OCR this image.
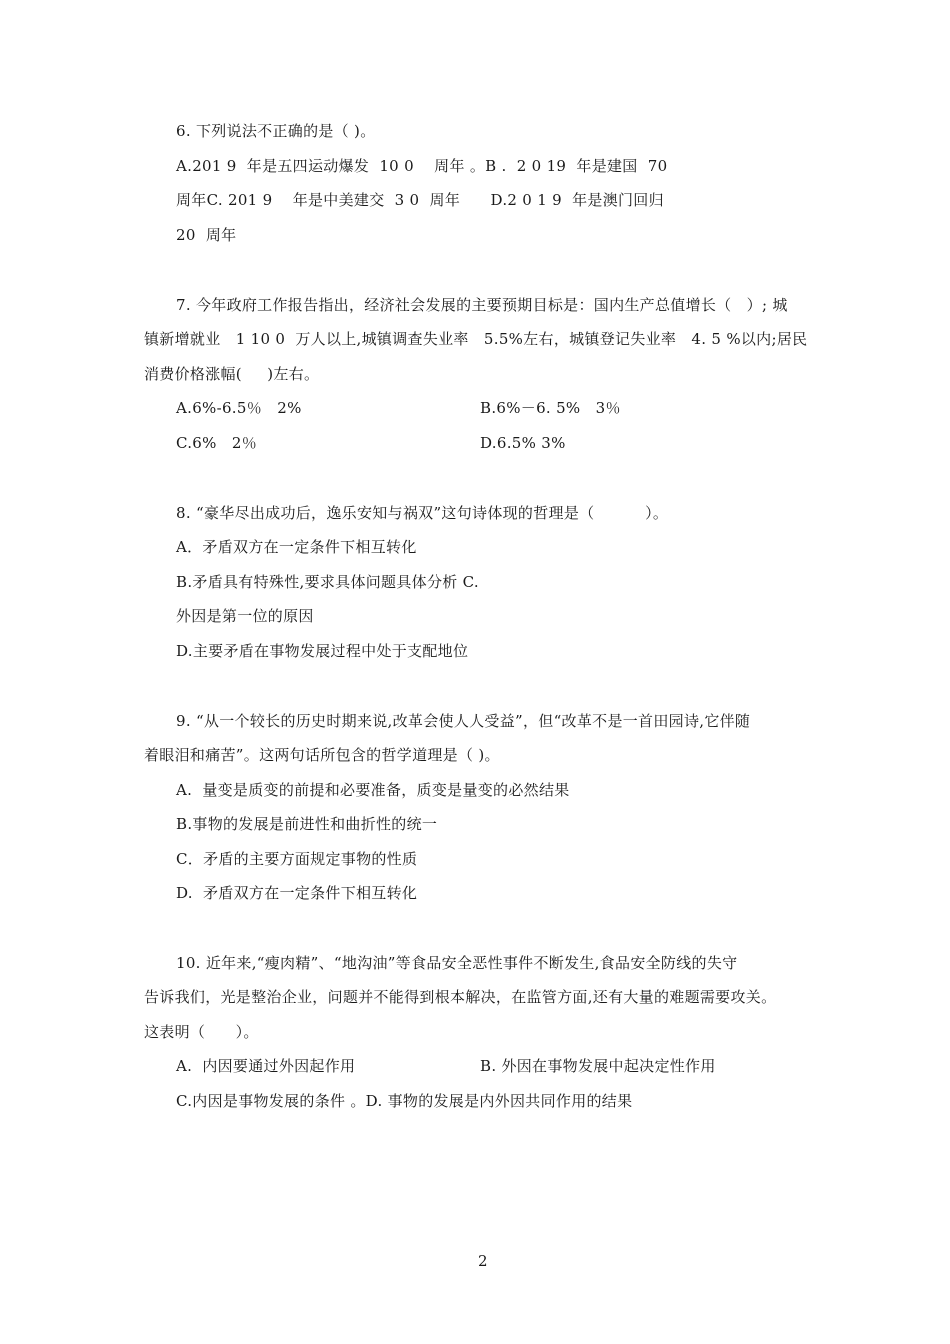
6. 下列说法不正确的是（ )。
A.201 9  年是五四运动爆发  10 0    周年 。B .  2 0 19  年是建国  70
周年C. 201 9    年是中美建交  3 0  周年      D.2 0 1 9  年是澳门回归
20  周年
7. 今年政府工作报告指出，经济社会发展的主要预期目标是：国内生产总值增长（   ）; 城
镇新增就业   1 10 0  万人以上,城镇调查失业率   5.5%左右，城镇登记失业率   4. 5 %以内;居民
消费价格涨幅(     )左右。
A.6%-6.5％   2%	B.6%－6. 5%   3％
C.6%   2％	D.6.5% 3%
8. “豪华尽出成功后，逸乐安知与祸双”这句诗体现的哲理是（          ）。
A．矛盾双方在一定条件下相互转化
B.矛盾具有特殊性,要求具体问题具体分析 C.
外因是第一位的原因
D.主要矛盾在事物发展过程中处于支配地位
9. “从一个较长的历史时期来说,改革会使人人受益”，但“改革不是一首田园诗,它伴随
着眼泪和痛苦”。这两句话所包含的哲学道理是（ )。
A.  量变是质变的前提和必要准备，质变是量变的必然结果
B.事物的发展是前进性和曲折性的统一
C．矛盾的主要方面规定事物的性质
D.  矛盾双方在一定条件下相互转化
10. 近年来,“瘦肉精”、“地沟油”等食品安全恶性事件不断发生,食品安全防线的失守
告诉我们，光是整治企业，问题并不能得到根本解决，在监管方面,还有大量的难题需要攻关。
这表明（      ）。
A.  内因要通过外因起作用	B. 外因在事物发展中起决定性作用
C.内因是事物发展的条件 。D. 事物的发展是内外因共同作用的结果
2
